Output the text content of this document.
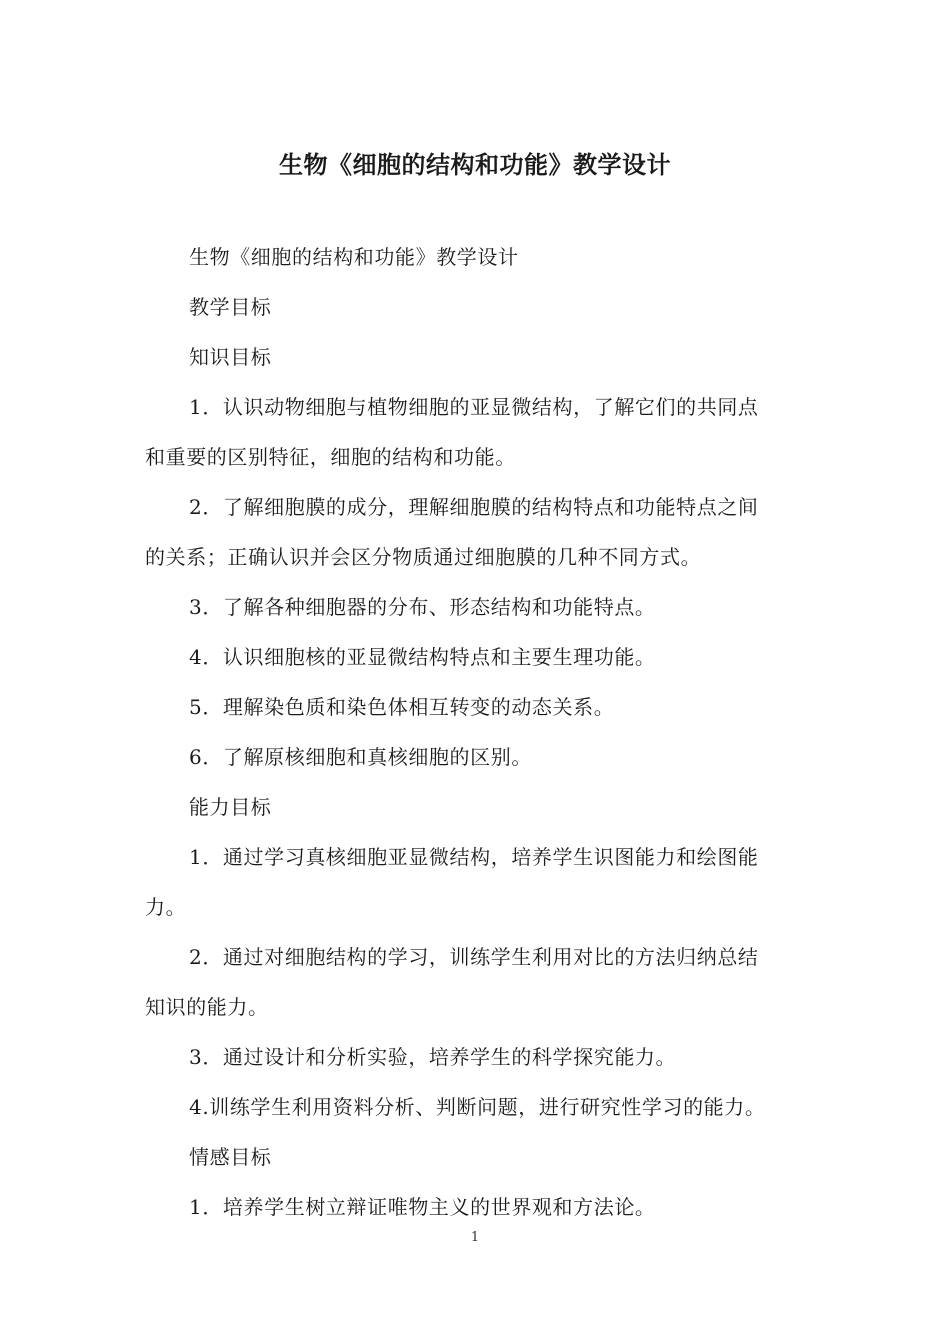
生物《细胞的结构和功能》教学设计

生物《细胞的结构和功能》教学设计

教学目标

知识目标

1．认识动物细胞与植物细胞的亚显微结构，了解它们的共同点
和重要的区别特征，细胞的结构和功能。

2．了解细胞膜的成分，理解细胞膜的结构特点和功能特点之间
的关系；正确认识并会区分物质通过细胞膜的几种不同方式。

3．了解各种细胞器的分布、形态结构和功能特点。

4．认识细胞核的亚显微结构特点和主要生理功能。

5．理解染色质和染色体相互转变的动态关系。

6．了解原核细胞和真核细胞的区别。

能力目标

1．通过学习真核细胞亚显微结构，培养学生识图能力和绘图能
力。

2．通过对细胞结构的学习，训练学生利用对比的方法归纳总结
知识的能力。

3．通过设计和分析实验，培养学生的科学探究能力。

4.训练学生利用资料分析、判断问题，进行研究性学习的能力。

情感目标

1．培养学生树立辩证唯物主义的世界观和方法论。

1
